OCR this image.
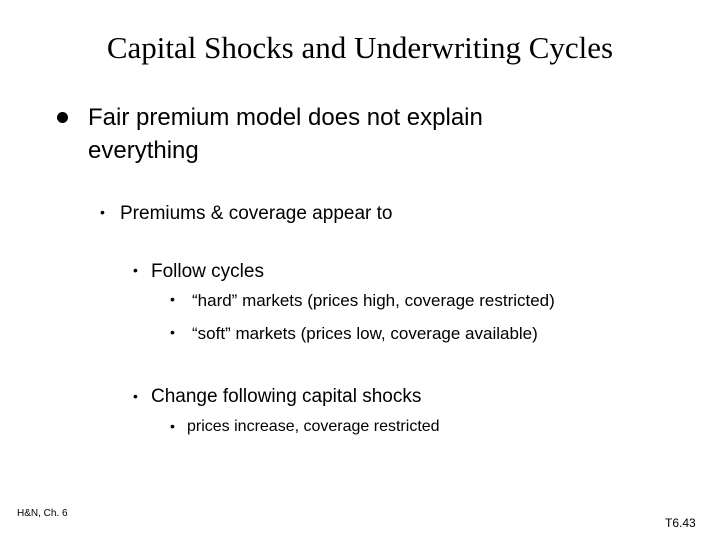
Capital Shocks and Underwriting Cycles
Fair premium model does not explain
everything
• Premiums & coverage appear to
• Follow cycles
• “hard” markets (prices high, coverage restricted)
• “soft” markets (prices low, coverage available)
• Change following capital shocks
• prices increase, coverage restricted
H&N, Ch. 6
T6.43
